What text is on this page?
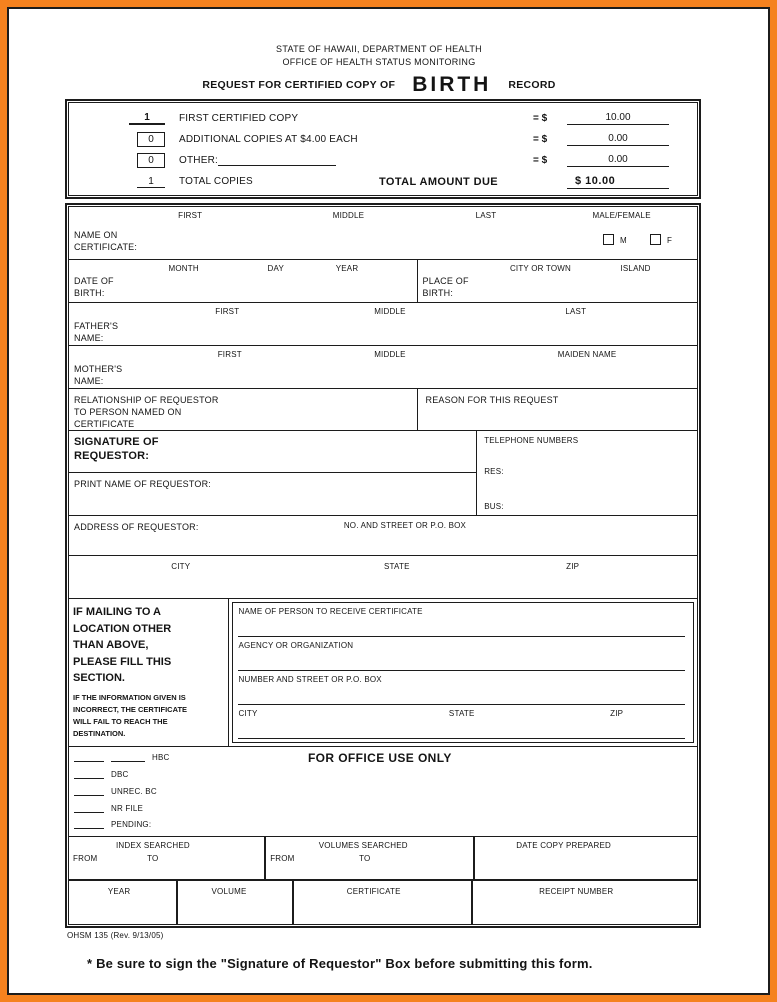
STATE OF HAWAII, DEPARTMENT OF HEALTH
OFFICE OF HEALTH STATUS MONITORING
REQUEST FOR CERTIFIED COPY OF BIRTH RECORD
1	FIRST CERTIFIED COPY	= $	10.00
0	ADDITIONAL COPIES AT $4.00 EACH	= $	0.00
0	OTHER:	= $	0.00
1	TOTAL COPIES	TOTAL AMOUNT DUE	$ 10.00
FIRST	MIDDLE	LAST	MALE/FEMALE
NAME ON CERTIFICATE:
M	F
MONTH	DAY	YEAR
DATE OF BIRTH:
CITY OR TOWN	ISLAND
PLACE OF BIRTH:
FIRST	MIDDLE	LAST
FATHER'S NAME:
FIRST	MIDDLE	MAIDEN NAME
MOTHER'S NAME:
RELATIONSHIP OF REQUESTOR TO PERSON NAMED ON CERTIFICATE
REASON FOR THIS REQUEST
SIGNATURE OF REQUESTOR:
PRINT NAME OF REQUESTOR:
TELEPHONE NUMBERS
RES:
BUS:
ADDRESS OF REQUESTOR:	NO. AND STREET OR P.O. BOX
CITY	STATE	ZIP
IF MAILING TO A LOCATION OTHER THAN ABOVE, PLEASE FILL THIS SECTION.
IF THE INFORMATION GIVEN IS INCORRECT, THE CERTIFICATE WILL FAIL TO REACH THE DESTINATION.
NAME OF PERSON TO RECEIVE CERTIFICATE
AGENCY OR ORGANIZATION
NUMBER AND STREET OR P.O. BOX
CITY	STATE	ZIP
FOR OFFICE USE ONLY
HBC
DBC
UNREC. BC
NR FILE
PENDING:
INDEX SEARCHED
FROM	TO
VOLUMES SEARCHED
FROM	TO
DATE COPY PREPARED
YEAR	VOLUME	CERTIFICATE	RECEIPT NUMBER
OHSM 135 (Rev. 9/13/05)
* Be sure to sign the "Signature of Requestor" Box before submitting this form.
